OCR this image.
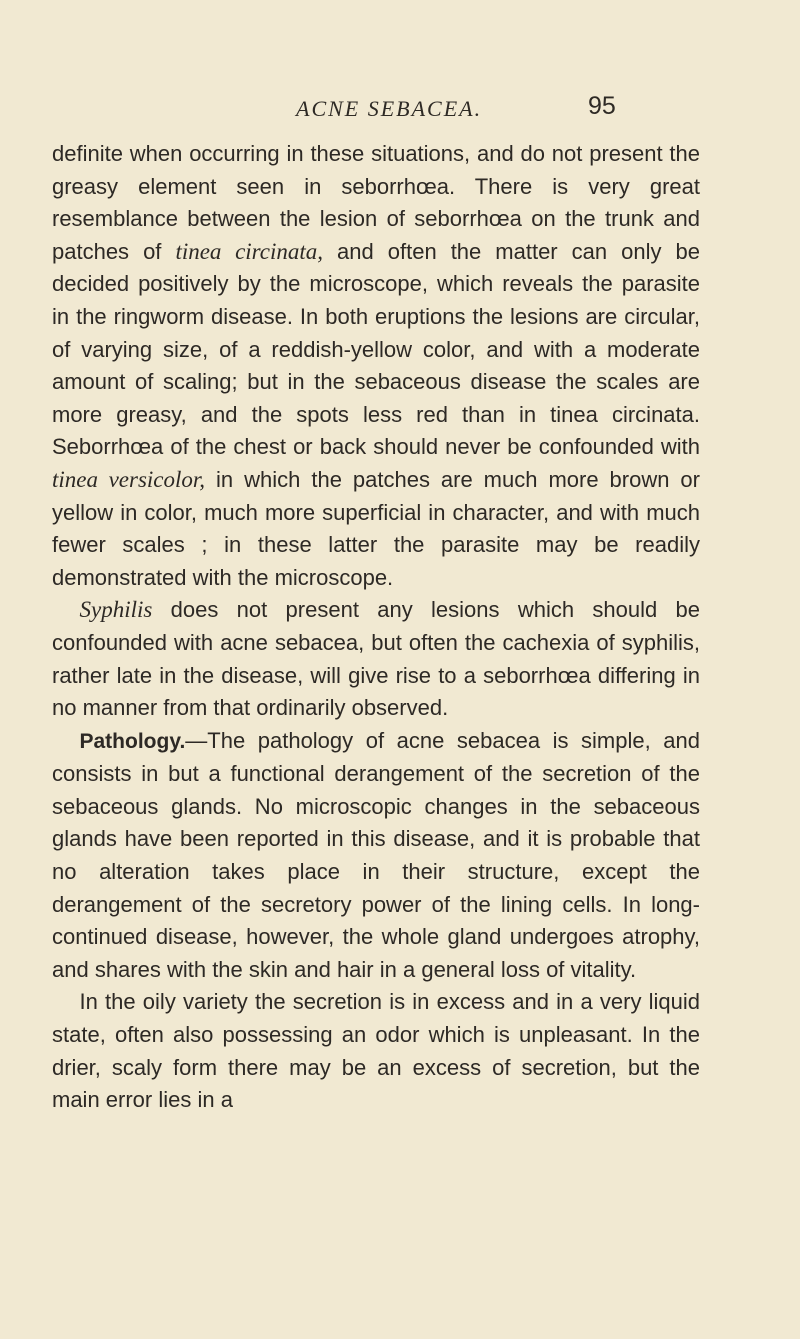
ACNE SEBACEA.	95

definite when occurring in these situations, and do not present the greasy element seen in seborrhœa. There is very great resemblance between the lesion of seborrhœa on the trunk and patches of tinea circinata, and often the matter can only be decided positively by the microscope, which reveals the parasite in the ringworm disease. In both eruptions the lesions are circular, of varying size, of a reddish-yellow color, and with a moderate amount of scaling; but in the sebaceous disease the scales are more greasy, and the spots less red than in tinea circinata. Seborrhœa of the chest or back should never be confounded with tinea versicolor, in which the patches are much more brown or yellow in color, much more superficial in character, and with much fewer scales ; in these latter the parasite may be readily demonstrated with the microscope.

Syphilis does not present any lesions which should be confounded with acne sebacea, but often the cachexia of syphilis, rather late in the disease, will give rise to a seborrhœa differing in no manner from that ordinarily observed.

Pathology.—The pathology of acne sebacea is simple, and consists in but a functional derangement of the secretion of the sebaceous glands. No microscopic changes in the sebaceous glands have been reported in this disease, and it is probable that no alteration takes place in their structure, except the derangement of the secretory power of the lining cells. In long-continued disease, however, the whole gland undergoes atrophy, and shares with the skin and hair in a general loss of vitality.

In the oily variety the secretion is in excess and in a very liquid state, often also possessing an odor which is unpleasant. In the drier, scaly form there may be an excess of secretion, but the main error lies in a
